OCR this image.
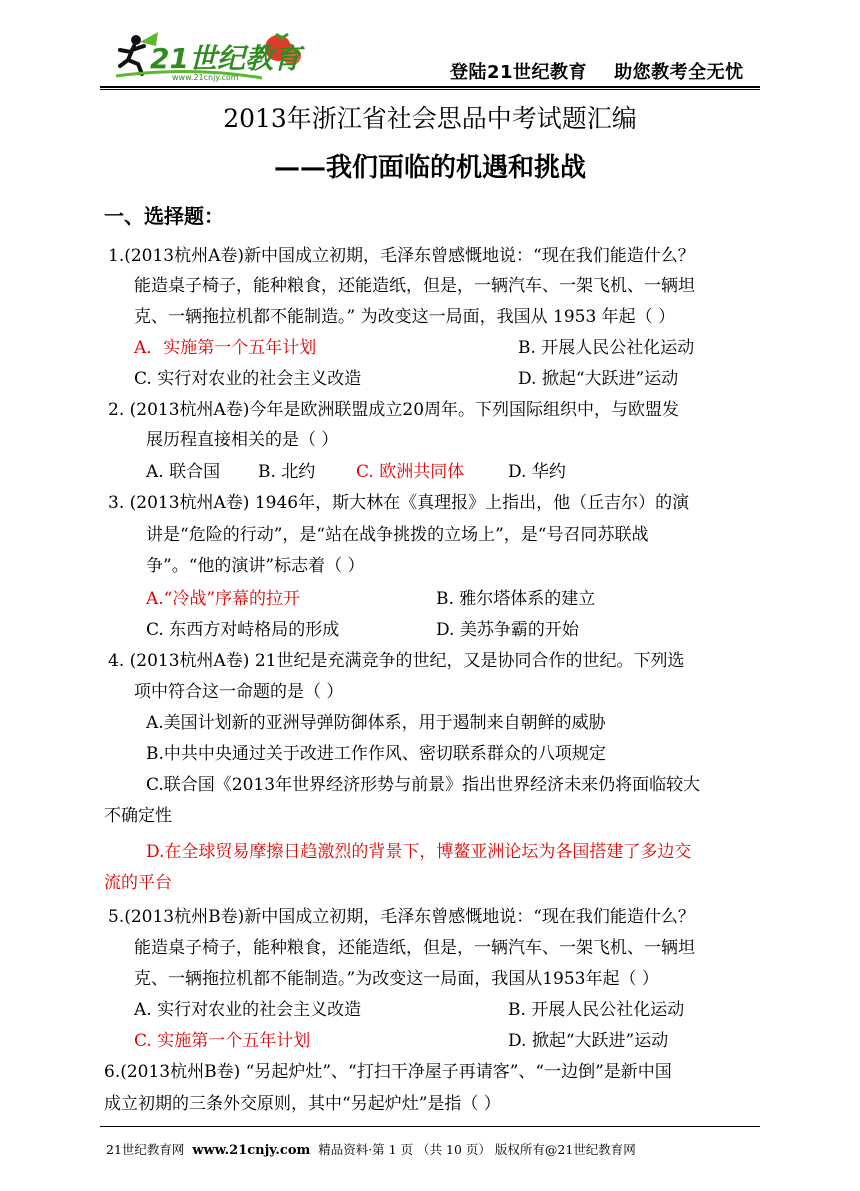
21世纪教育
www.21cnjy.com	登陆21世纪教育    助您教考全无忧
2013年浙江省社会思品中考试题汇编
——我们面临的机遇和挑战
一、选择题：
1.(2013杭州A卷)新中国成立初期，毛泽东曾感慨地说：“现在我们能造什么？
能造桌子椅子，能种粮食，还能造纸，但是，一辆汽车、一架飞机、一辆坦
克、一辆拖拉机都不能制造。” 为改变这一局面，我国从 1953 年起（ ）
A．实施第一个五年计划	B. 开展人民公社化运动
C. 实行对农业的社会主义改造	D. 掀起“大跃进”运动
2. (2013杭州A卷)今年是欧洲联盟成立20周年。下列国际组织中，与欧盟发
展历程直接相关的是（ ）
A. 联合国 B. 北约 C. 欧洲共同体	D. 华约
3. (2013杭州A卷) 1946年，斯大林在《真理报》上指出，他（丘吉尔）的演
讲是“危险的行动”，是“站在战争挑拨的立场上”，是“号召同苏联战
争”。“他的演讲”标志着（ ）
A.“冷战”序幕的拉开	B. 雅尔塔体系的建立
C. 东西方对峙格局的形成	D. 美苏争霸的开始
4. (2013杭州A卷) 21世纪是充满竞争的世纪，又是协同合作的世纪。下列选
项中符合这一命题的是（ ）
A.美国计划新的亚洲导弹防御体系，用于遏制来自朝鲜的威胁
B.中共中央通过关于改进工作作风、密切联系群众的八项规定
C.联合国《2013年世界经济形势与前景》指出世界经济未来仍将面临较大
不确定性
D.在全球贸易摩擦日趋激烈的背景下，博鳌亚洲论坛为各国搭建了多边交
流的平台
5.(2013杭州B卷)新中国成立初期，毛泽东曾感慨地说：“现在我们能造什么？
能造桌子椅子，能种粮食，还能造纸，但是，一辆汽车、一架飞机、一辆坦
克、一辆拖拉机都不能制造。”为改变这一局面，我国从1953年起（ ）
A. 实行对农业的社会主义改造	B. 开展人民公社化运动
C. 实施第一个五年计划	D. 掀起“大跃进”运动
6.(2013杭州B卷) “另起炉灶”、“打扫干净屋子再请客”、“一边倒”是新中国
成立初期的三条外交原则，其中“另起炉灶”是指（ ）
21世纪教育网  www.21cnjy.com  精品资料·第 1 页 （共 10 页） 版权所有@21世纪教育网
